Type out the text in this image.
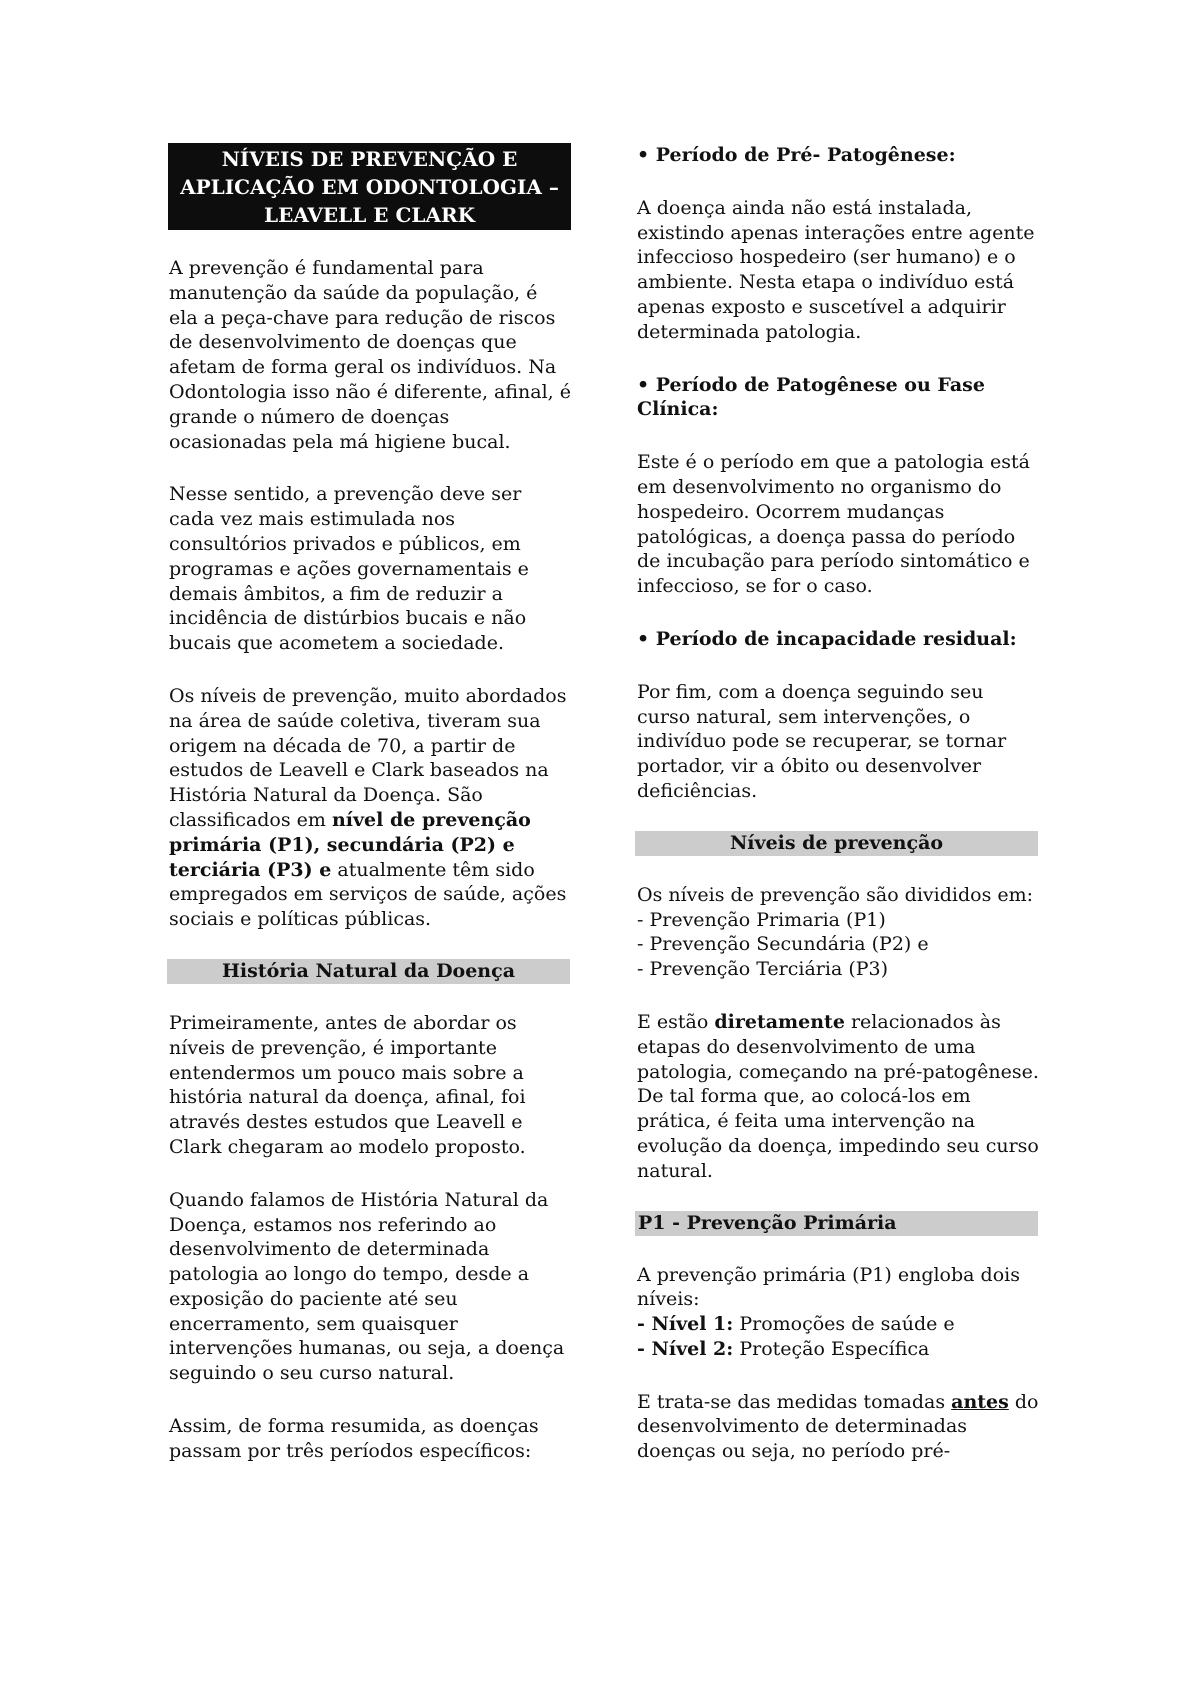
NÍVEIS DE PREVENÇÃO E
APLICAÇÃO EM ODONTOLOGIA –
LEAVELL E CLARK

A prevenção é fundamental para manutenção da saúde da população, é ela a peça-chave para redução de riscos de desenvolvimento de doenças que afetam de forma geral os indivíduos. Na Odontologia isso não é diferente, afinal, é grande o número de doenças ocasionadas pela má higiene bucal.

Nesse sentido, a prevenção deve ser cada vez mais estimulada nos consultórios privados e públicos, em programas e ações governamentais e demais âmbitos, a fim de reduzir a incidência de distúrbios bucais e não bucais que acometem a sociedade.

Os níveis de prevenção, muito abordados na área de saúde coletiva, tiveram sua origem na década de 70, a partir de estudos de Leavell e Clark baseados na História Natural da Doença. São classificados em nível de prevenção primária (P1), secundária (P2) e terciária (P3) e atualmente têm sido empregados em serviços de saúde, ações sociais e políticas públicas.

História Natural da Doença

Primeiramente, antes de abordar os níveis de prevenção, é importante entendermos um pouco mais sobre a história natural da doença, afinal, foi através destes estudos que Leavell e Clark chegaram ao modelo proposto.

Quando falamos de História Natural da Doença, estamos nos referindo ao desenvolvimento de determinada patologia ao longo do tempo, desde a exposição do paciente até seu encerramento, sem quaisquer intervenções humanas, ou seja, a doença seguindo o seu curso natural.

Assim, de forma resumida, as doenças passam por três períodos específicos:

• Período de Pré- Patogênese:

A doença ainda não está instalada, existindo apenas interações entre agente infeccioso hospedeiro (ser humano) e o ambiente. Nesta etapa o indivíduo está apenas exposto e suscetível a adquirir determinada patologia.

• Período de Patogênese ou Fase
Clínica:

Este é o período em que a patologia está em desenvolvimento no organismo do hospedeiro. Ocorrem mudanças patológicas, a doença passa do período de incubação para período sintomático e infeccioso, se for o caso.

• Período de incapacidade residual:

Por fim, com a doença seguindo seu curso natural, sem intervenções, o indivíduo pode se recuperar, se tornar portador, vir a óbito ou desenvolver deficiências.

Níveis de prevenção

Os níveis de prevenção são divididos em:
- Prevenção Primaria (P1)
- Prevenção Secundária (P2) e
- Prevenção Terciária (P3)

E estão diretamente relacionados às etapas do desenvolvimento de uma patologia, começando na pré-patogênese. De tal forma que, ao colocá-los em prática, é feita uma intervenção na evolução da doença, impedindo seu curso natural.

P1 - Prevenção Primária

A prevenção primária (P1) engloba dois níveis:
- Nível 1: Promoções de saúde e
- Nível 2: Proteção Específica

E trata-se das medidas tomadas antes do desenvolvimento de determinadas doenças ou seja, no período pré-
